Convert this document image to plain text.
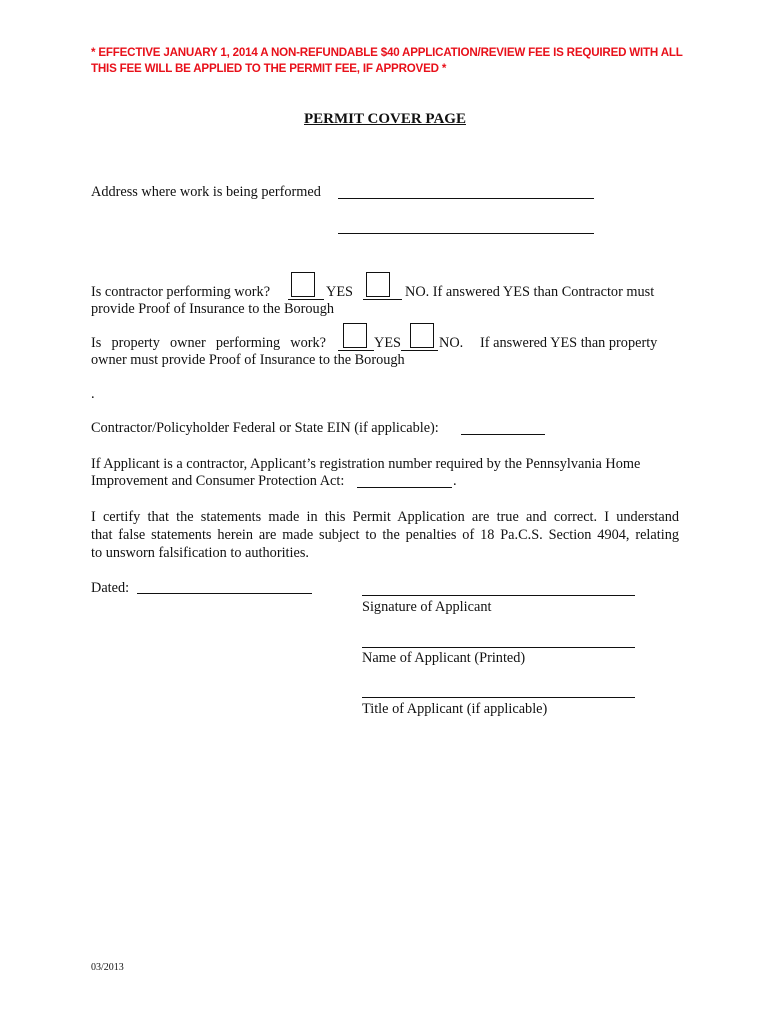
* EFFECTIVE JANUARY 1, 2014 A NON-REFUNDABLE $40 APPLICATION/REVIEW FEE IS REQUIRED WITH ALL
THIS FEE WILL BE APPLIED TO THE PERMIT FEE, IF APPROVED *
PERMIT COVER PAGE
Address where work is being performed
Is contractor performing work?	YES	NO. If answered YES than Contractor must
provide Proof of Insurance to the Borough
Is property owner performing work?	YES	NO. If answered YES than property
owner must provide Proof of Insurance to the Borough
.
Contractor/Policyholder Federal or State EIN (if applicable):
If Applicant is a contractor, Applicant’s registration number required by the Pennsylvania Home
Improvement and Consumer Protection Act:	.
I certify that the statements made in this Permit Application are true and correct. I understand
that false statements herein are made subject to the penalties of 18 Pa.C.S. Section 4904, relating
to unsworn falsification to authorities.
Dated:
Signature of Applicant
Name of Applicant (Printed)
Title of Applicant (if applicable)
03/2013
